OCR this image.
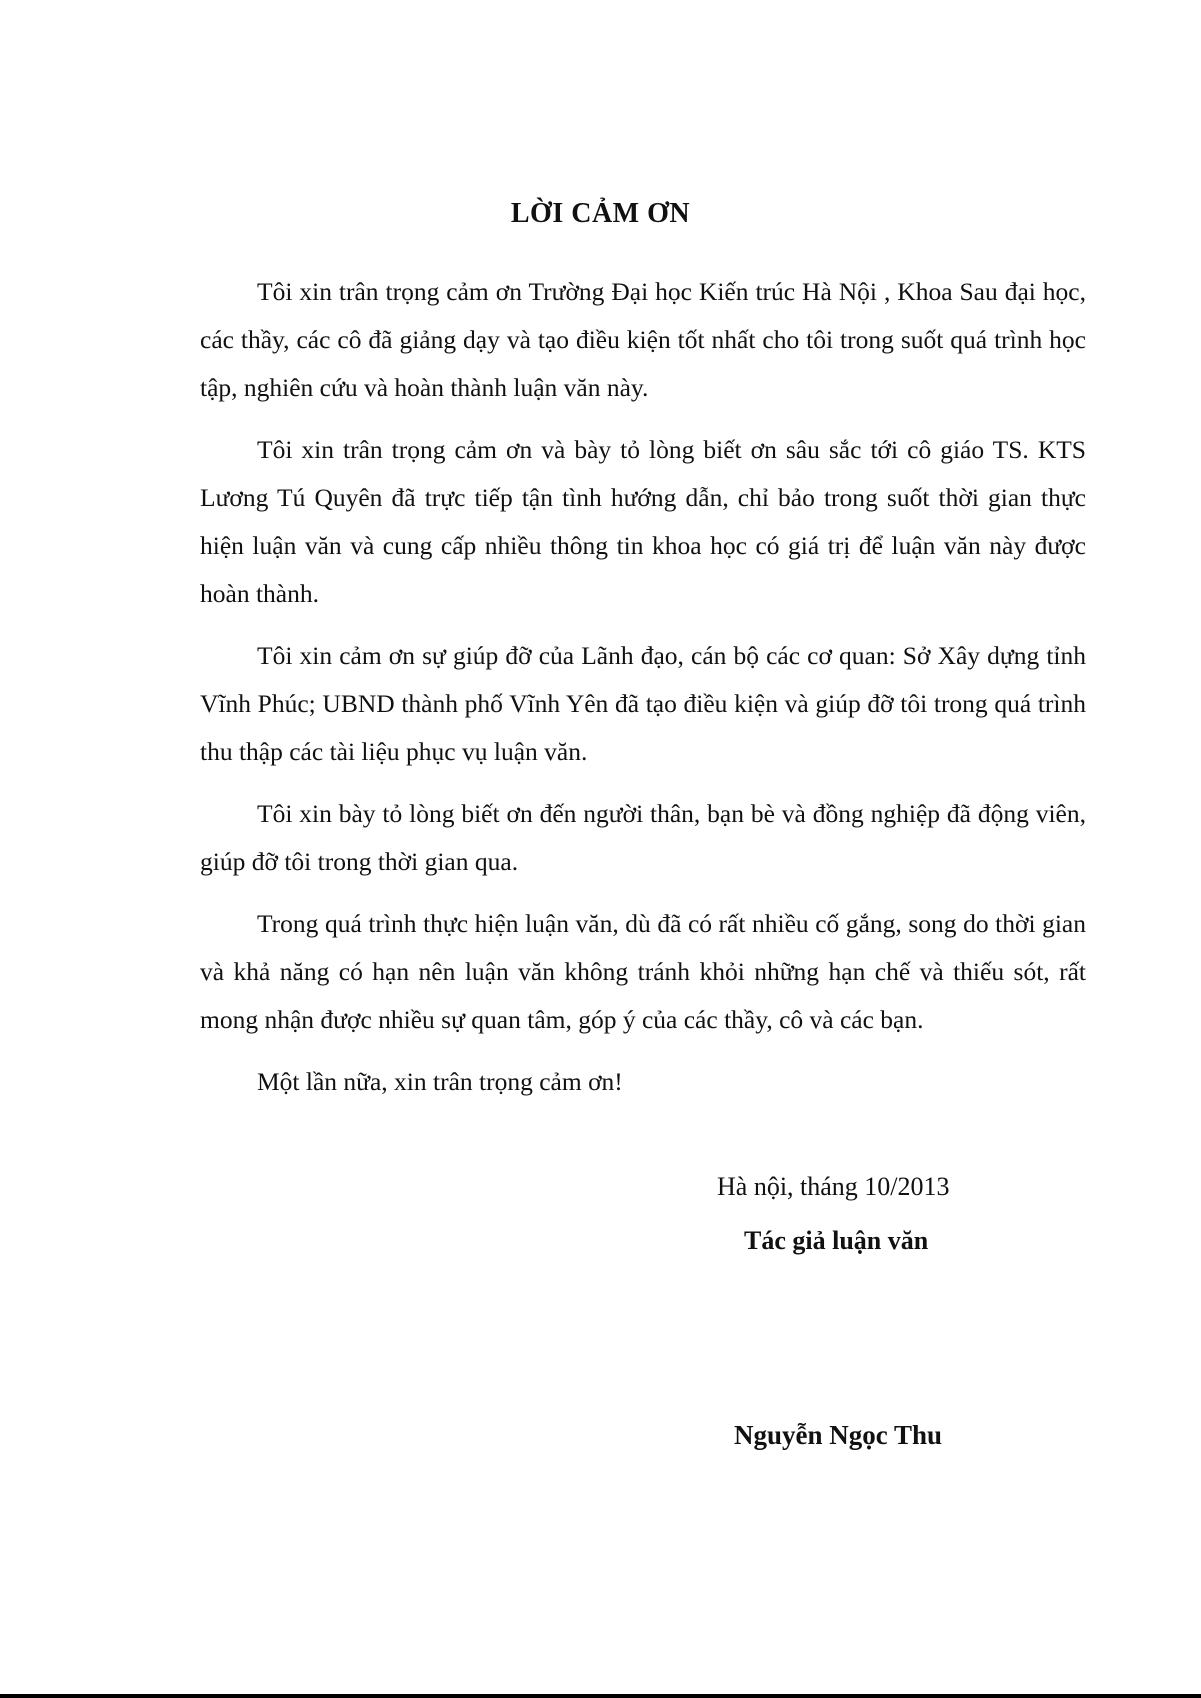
LỜI CẢM ƠN

Tôi xin trân trọng cảm ơn Trường Đại học Kiến trúc Hà Nội , Khoa Sau đại học, các thầy, các cô đã giảng dạy và tạo điều kiện tốt nhất cho tôi trong suốt quá trình học tập, nghiên cứu và hoàn thành luận văn này.

Tôi xin trân trọng cảm ơn và bày tỏ lòng biết ơn sâu sắc tới cô giáo TS. KTS Lương Tú Quyên đã trực tiếp tận tình hướng dẫn, chỉ bảo trong suốt thời gian thực hiện luận văn và cung cấp nhiều thông tin khoa học có giá trị để luận văn này được hoàn thành.

Tôi xin cảm ơn sự giúp đỡ của Lãnh đạo, cán bộ các cơ quan: Sở Xây dựng tỉnh Vĩnh Phúc; UBND thành phố Vĩnh Yên đã tạo điều kiện và giúp đỡ tôi trong quá trình thu thập các tài liệu phục vụ luận văn.

Tôi xin bày tỏ lòng biết ơn đến người thân, bạn bè và đồng nghiệp đã động viên, giúp đỡ tôi trong thời gian qua.

Trong quá trình thực hiện luận văn, dù đã có rất nhiều cố gắng, song do thời gian và khả năng có hạn nên luận văn không tránh khỏi những hạn chế và thiếu sót, rất mong nhận được nhiều sự quan tâm, góp ý của các thầy, cô và các bạn.

Một lần nữa, xin trân trọng cảm ơn!

Hà nội, tháng 10/2013

Tác giả luận văn

Nguyễn Ngọc Thu
